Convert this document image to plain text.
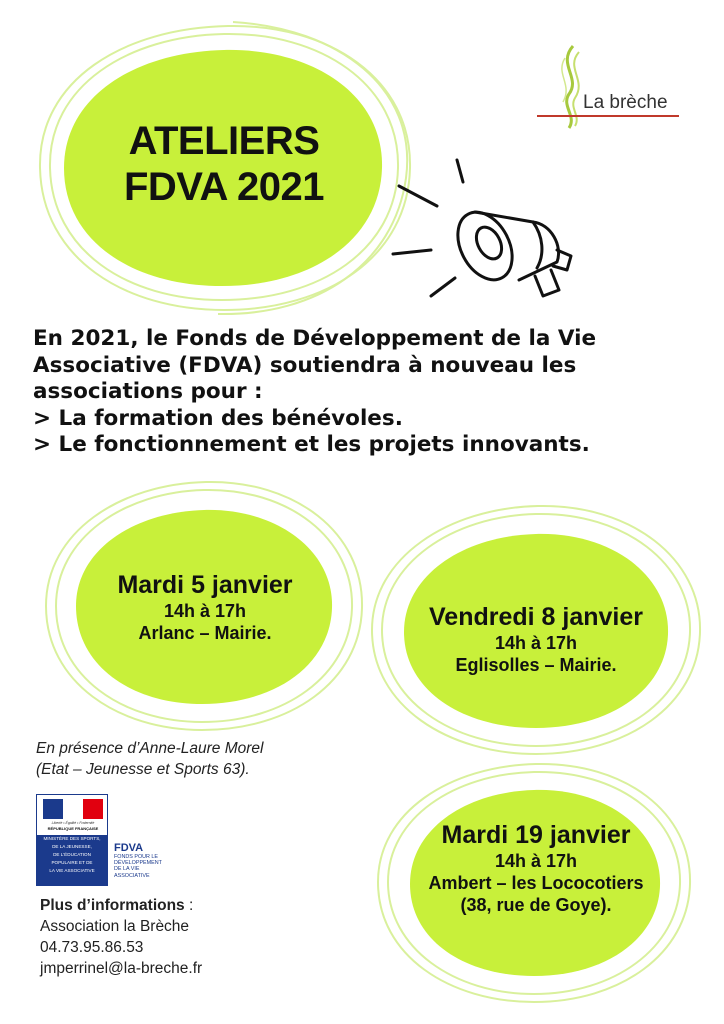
ATELIERS
FDVA 2021
La brèche
En 2021, le Fonds de Développement de la Vie
Associative (FDVA) soutiendra à nouveau les
associations pour :
> La formation des bénévoles.
> Le fonctionnement et les projets innovants.
Mardi 5 janvier
14h à 17h
Arlanc – Mairie.
Vendredi 8 janvier
14h à 17h
Eglisolles – Mairie.
Mardi 19 janvier
14h à 17h
Ambert – les Lococotiers
(38, rue de Goye).
En présence d’Anne-Laure Morel
(Etat – Jeunesse et Sports 63).
Liberté • Égalité • Fraternité
RÉPUBLIQUE FRANÇAISE
MINISTÈRE DES SPORTS,
DE LA JEUNESSE,
DE L'ÉDUCATION
POPULAIRE ET DE
LA VIE ASSOCIATIVE
FDVA
FONDS POUR LE
DÉVELOPPEMENT
DE LA VIE
ASSOCIATIVE
Plus d’informations :
Association la Brèche
04.73.95.86.53
jmperrinel@la-breche.fr
